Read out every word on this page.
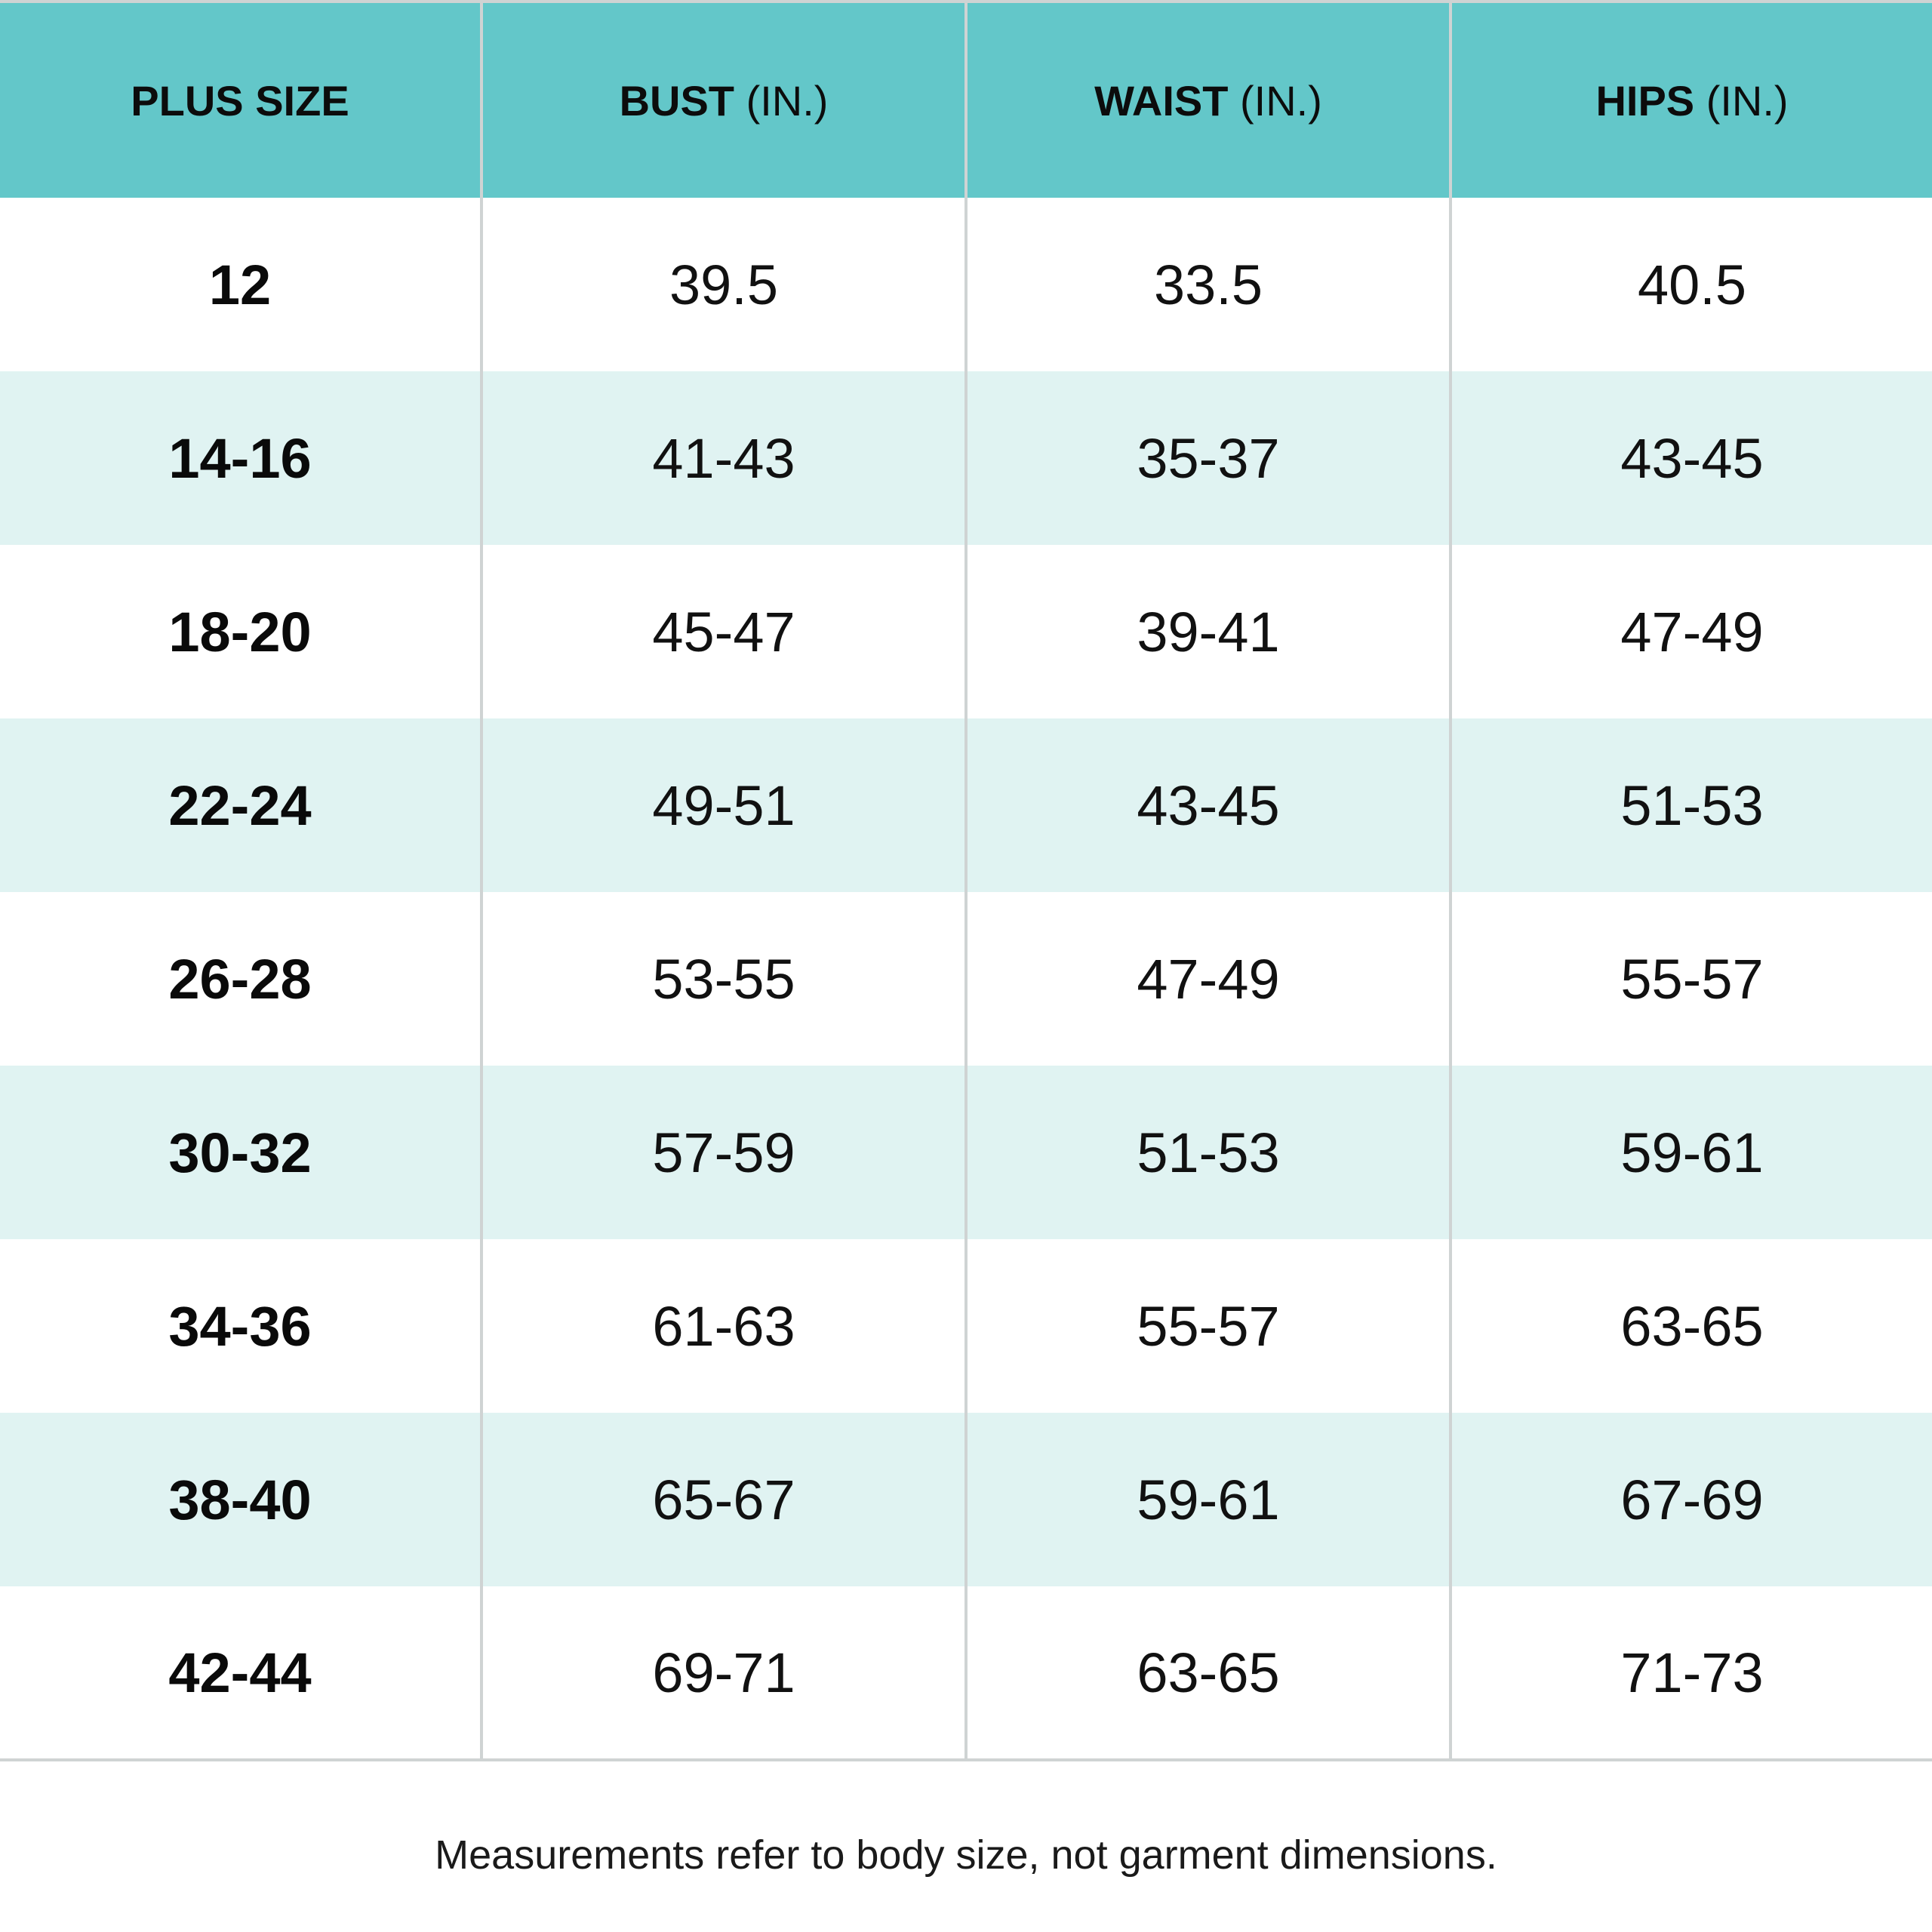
PLUS SIZE	BUST (IN.)	WAIST (IN.)	HIPS (IN.)
12	39.5	33.5	40.5
14-16	41-43	35-37	43-45
18-20	45-47	39-41	47-49
22-24	49-51	43-45	51-53
26-28	53-55	47-49	55-57
30-32	57-59	51-53	59-61
34-36	61-63	55-57	63-65
38-40	65-67	59-61	67-69
42-44	69-71	63-65	71-73
Measurements refer to body size, not garment dimensions.
